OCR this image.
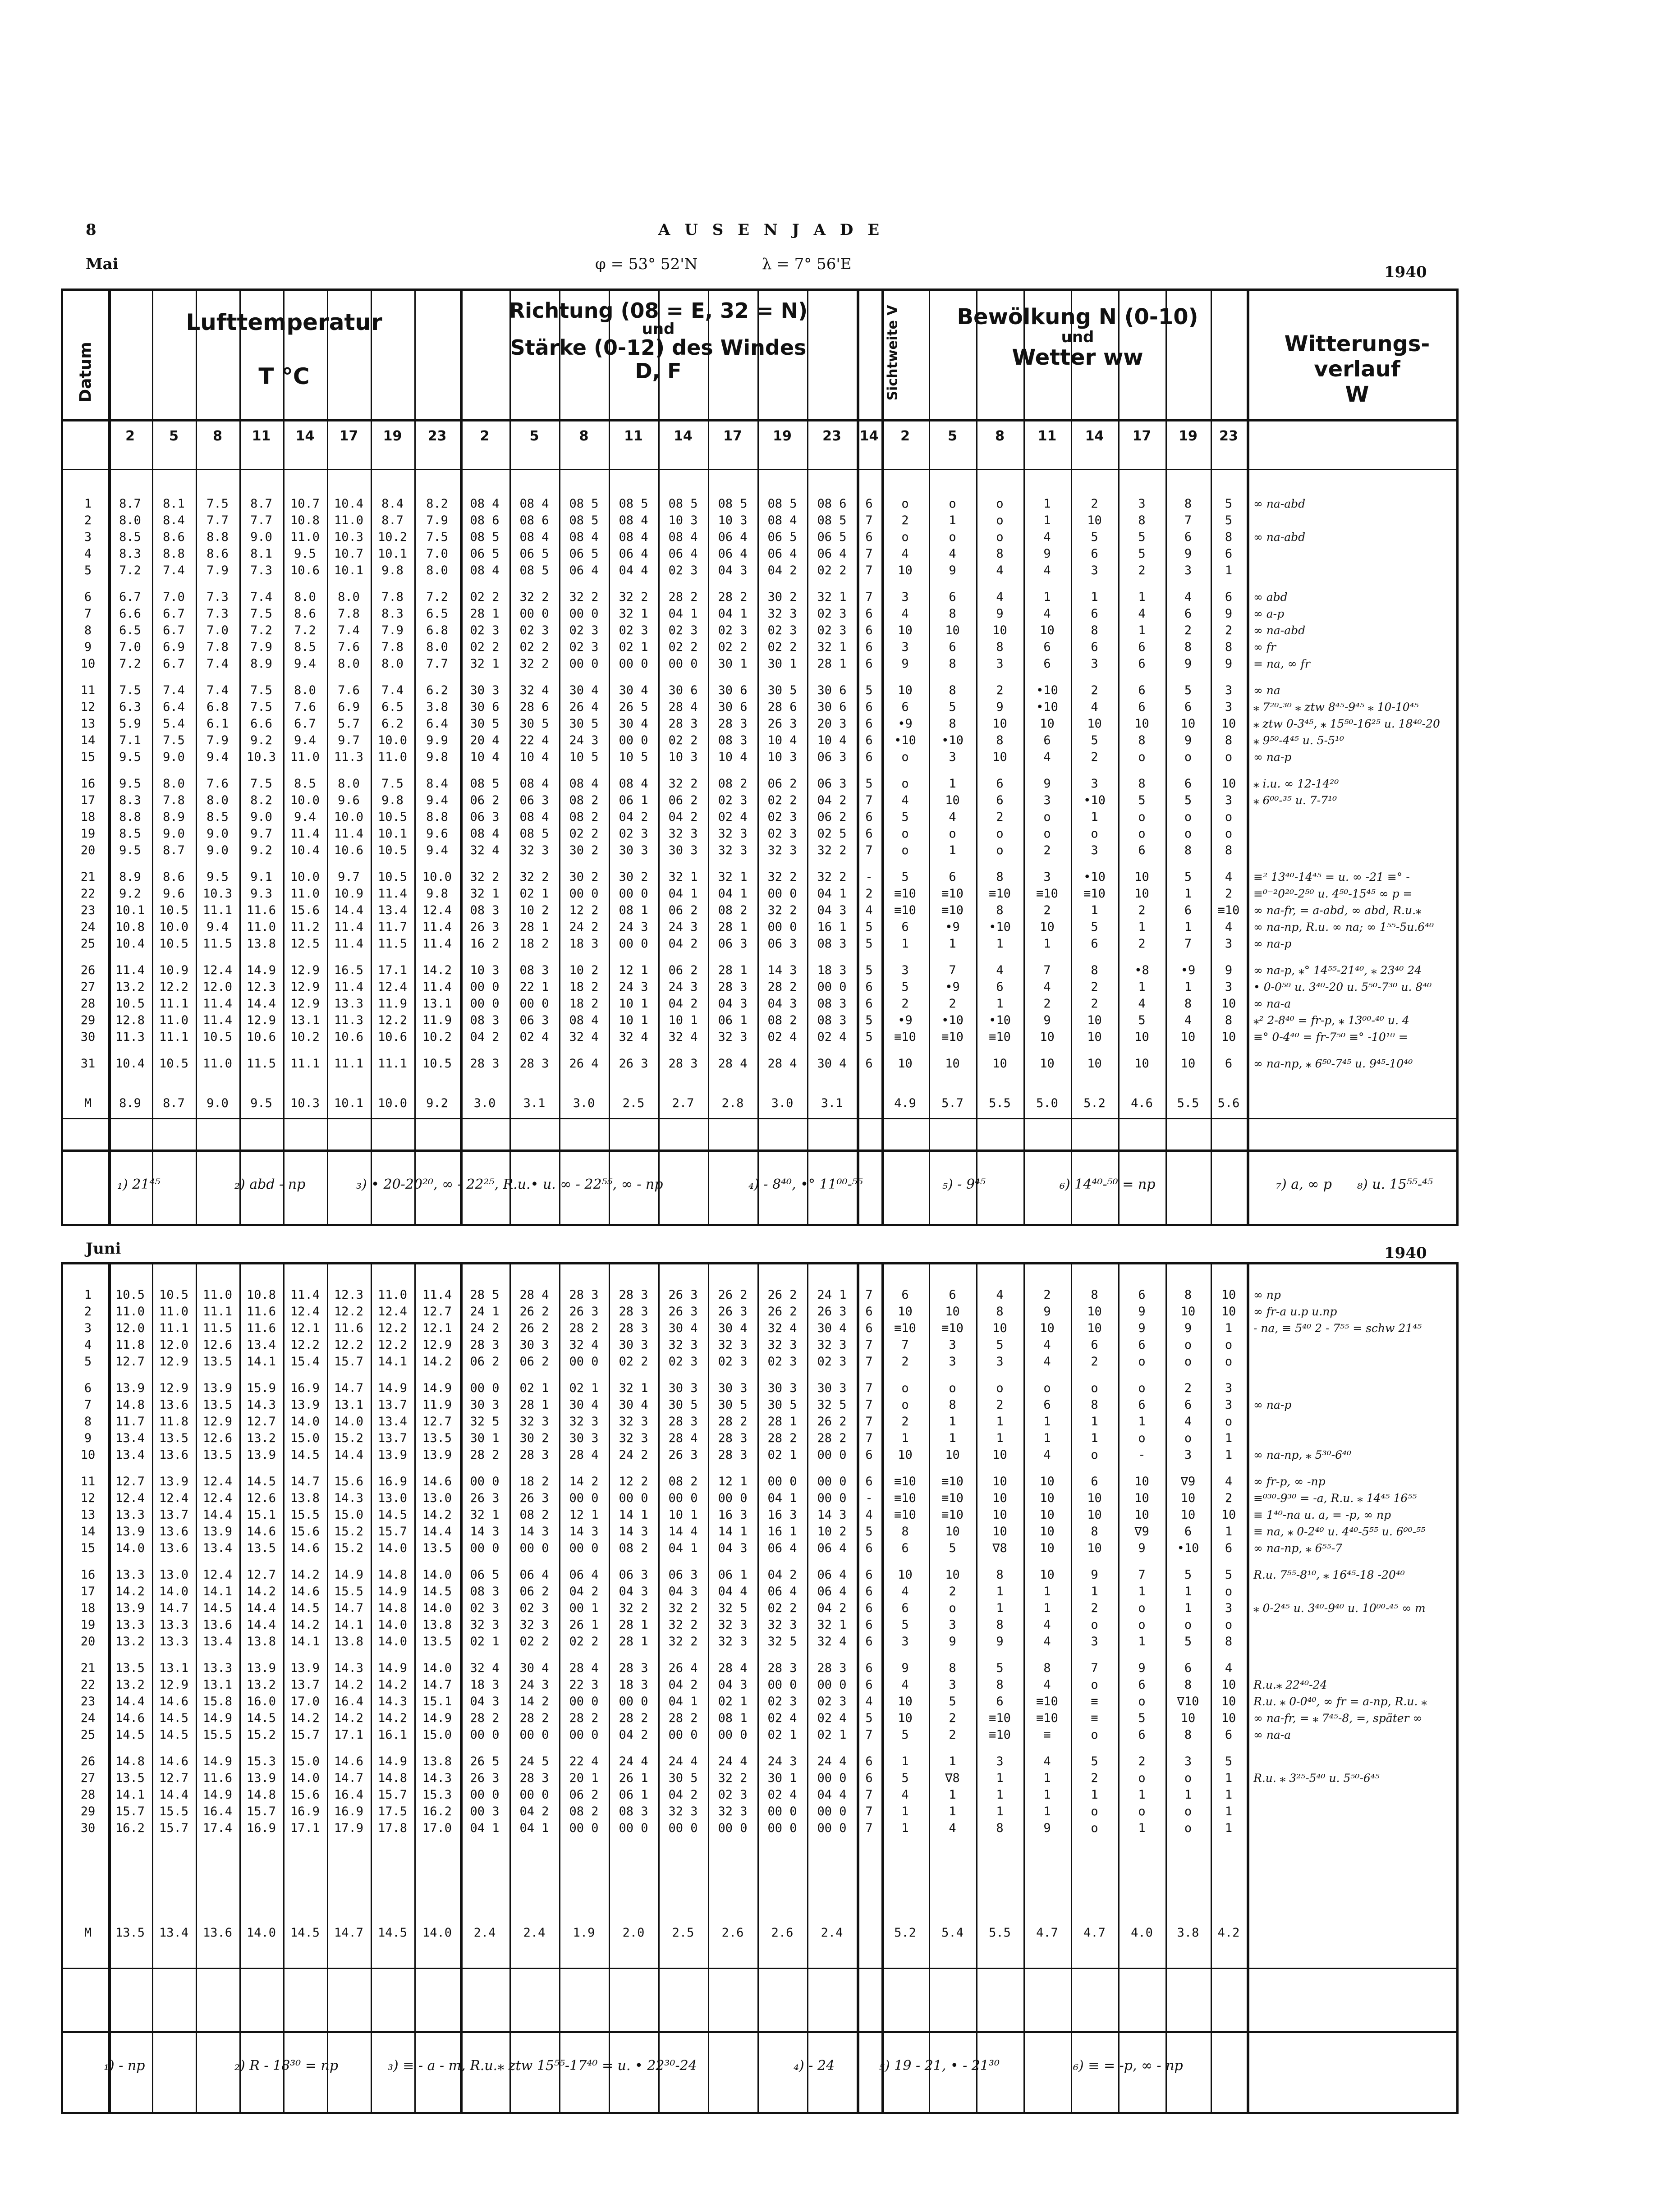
8	A U S E N J A D E
Mai	φ = 53° 52'N	λ = 7° 56'E	1940
Datum
Lufttemperatur
T °C
Richtung (08 = E, 32 = N)
und
Stärke (0-12) des Windes
D, F	Sichtweite V	Bewölkung N (0-10)
und
Wetter ww
Witterungs-
verlauf
W
2	5	8	11	14	17	19	23	2	5	8	11	14	17	19	23	14	2	5	8	11	14	17	19	23
1	8.7	8.1	7.5	8.7	10.7	10.4	8.4	8.2	08 4	08 4	08 5	08 5	08 5	08 5	08 5	08 6	6	o	o	o	1	2	3	8	5	∞ na-abd
2	8.0	8.4	7.7	7.7	10.8	11.0	8.7	7.9	08 6	08 6	08 5	08 4	10 3	10 3	08 4	08 5	7	2	1	o	1	10	8	7	5
3	8.5	8.6	8.8	9.0	11.0	10.3	10.2	7.5	08 5	08 4	08 4	08 4	08 4	06 4	06 5	06 5	6	o	o	o	4	5	5	6	8	∞ na-abd
4	8.3	8.8	8.6	8.1	9.5	10.7	10.1	7.0	06 5	06 5	06 5	06 4	06 4	06 4	06 4	06 4	7	4	4	8	9	6	5	9	6
5	7.2	7.4	7.9	7.3	10.6	10.1	9.8	8.0	08 4	08 5	06 4	04 4	02 3	04 3	04 2	02 2	7	10	9	4	4	3	2	3	1
6	6.7	7.0	7.3	7.4	8.0	8.0	7.8	7.2	02 2	32 2	32 2	32 2	28 2	28 2	30 2	32 1	7	3	6	4	1	1	1	4	6	∞ abd
7	6.6	6.7	7.3	7.5	8.6	7.8	8.3	6.5	28 1	00 0	00 0	32 1	04 1	04 1	32 3	02 3	6	4	8	9	4	6	4	6	9	∞ a-p
8	6.5	6.7	7.0	7.2	7.2	7.4	7.9	6.8	02 3	02 3	02 3	02 3	02 3	02 3	02 3	02 3	6	10	10	10	10	8	1	2	2	∞ na-abd
9	7.0	6.9	7.8	7.9	8.5	7.6	7.8	8.0	02 2	02 2	02 3	02 1	02 2	02 2	02 2	32 1	6	3	6	8	6	6	6	8	8	∞ fr
10	7.2	6.7	7.4	8.9	9.4	8.0	8.0	7.7	32 1	32 2	00 0	00 0	00 0	30 1	30 1	28 1	6	9	8	3	6	3	6	9	9	= na, ∞ fr
11	7.5	7.4	7.4	7.5	8.0	7.6	7.4	6.2	30 3	32 4	30 4	30 4	30 6	30 6	30 5	30 6	5	10	8	2	•10	2	6	5	3	∞ na
12	6.3	6.4	6.8	7.5	7.6	6.9	6.5	3.8	30 6	28 6	26 4	26 5	28 4	30 6	28 6	30 6	6	6	5	9	•10	4	6	6	3	⁎ 7²⁰-³⁰ ⁎ ztw 8⁴⁵-9⁴⁵ ⁎ 10-10⁴⁵
13	5.9	5.4	6.1	6.6	6.7	5.7	6.2	6.4	30 5	30 5	30 5	30 4	28 3	28 3	26 3	20 3	6	•9	8	10	10	10	10	10	10	⁎ ztw 0-3⁴⁵, ⁎ 15⁵⁰-16²⁵ u. 18⁴⁰-20
14	7.1	7.5	7.9	9.2	9.4	9.7	10.0	9.9	20 4	22 4	24 3	00 0	02 2	08 3	10 4	10 4	6	•10	•10	8	6	5	8	9	8	⁎ 9⁵⁰-4⁴⁵ u. 5-5¹⁰
15	9.5	9.0	9.4	10.3	11.0	11.3	11.0	9.8	10 4	10 4	10 5	10 5	10 3	10 4	10 3	06 3	6	o	3	10	4	2	o	o	o	∞ na-p
16	9.5	8.0	7.6	7.5	8.5	8.0	7.5	8.4	08 5	08 4	08 4	08 4	32 2	08 2	06 2	06 3	5	o	1	6	9	3	8	6	10	⁎ i.u. ∞ 12-14²⁰
17	8.3	7.8	8.0	8.2	10.0	9.6	9.8	9.4	06 2	06 3	08 2	06 1	06 2	02 3	02 2	04 2	7	4	10	6	3	•10	5	5	3	⁎ 6⁰⁰-³⁵ u. 7-7¹⁰
18	8.8	8.9	8.5	9.0	9.4	10.0	10.5	8.8	06 3	08 4	08 2	04 2	04 2	02 4	02 3	06 2	6	5	4	2	o	1	o	o	o
19	8.5	9.0	9.0	9.7	11.4	11.4	10.1	9.6	08 4	08 5	02 2	02 3	32 3	32 3	02 3	02 5	6	o	o	o	o	o	o	o	o
20	9.5	8.7	9.0	9.2	10.4	10.6	10.5	9.4	32 4	32 3	30 2	30 3	30 3	32 3	32 3	32 2	7	o	1	o	2	3	6	8	8
21	8.9	8.6	9.5	9.1	10.0	9.7	10.5	10.0	32 2	32 2	30 2	30 2	32 1	32 1	32 2	32 2	-	5	6	8	3	•10	10	5	4	≡² 13⁴⁰-14⁴⁵ = u. ∞ -21 ≡° -
22	9.2	9.6	10.3	9.3	11.0	10.9	11.4	9.8	32 1	02 1	00 0	00 0	04 1	04 1	00 0	04 1	2	≡10	≡10	≡10	≡10	≡10	10	1	2	≡⁰⁻²0²⁰-2⁵⁰ u. 4⁵⁰-15⁴⁵ ∞ p =
23	10.1	10.5	11.1	11.6	15.6	14.4	13.4	12.4	08 3	10 2	12 2	08 1	06 2	08 2	32 2	04 3	4	≡10	≡10	8	2	1	2	6	≡10	∞ na-fr, = a-abd, ∞ abd, R.u.⁎
24	10.8	10.0	9.4	11.0	11.2	11.4	11.7	11.4	26 3	28 1	24 2	24 3	24 3	28 1	00 0	16 1	5	6	•9	•10	10	5	1	1	4	∞ na-np, R.u. ∞ na; ∞ 1⁵⁵-5u.6⁴⁰
25	10.4	10.5	11.5	13.8	12.5	11.4	11.5	11.4	16 2	18 2	18 3	00 0	04 2	06 3	06 3	08 3	5	1	1	1	1	6	2	7	3	∞ na-p
26	11.4	10.9	12.4	14.9	12.9	16.5	17.1	14.2	10 3	08 3	10 2	12 1	06 2	28 1	14 3	18 3	5	3	7	4	7	8	•8	•9	9	∞ na-p, ⁎° 14⁵⁵-21⁴⁰, ⁎ 23⁴⁰ 24
27	13.2	12.2	12.0	12.3	12.9	11.4	12.4	11.4	00 0	22 1	18 2	24 3	24 3	28 3	28 2	00 0	6	5	•9	6	4	2	1	1	3	• 0-0⁵⁰ u. 3⁴⁰-20 u. 5⁵⁰-7³⁰ u. 8⁴⁰
28	10.5	11.1	11.4	14.4	12.9	13.3	11.9	13.1	00 0	00 0	18 2	10 1	04 2	04 3	04 3	08 3	6	2	2	1	2	2	4	8	10	∞ na-a
29	12.8	11.0	11.4	12.9	13.1	11.3	12.2	11.9	08 3	06 3	08 4	10 1	10 1	06 1	08 2	08 3	5	•9	•10	•10	9	10	5	4	8	⁎² 2-8⁴⁰ = fr-p, ⁎ 13⁰⁰-⁴⁰ u. 4
30	11.3	11.1	10.5	10.6	10.2	10.6	10.6	10.2	04 2	02 4	32 4	32 4	32 4	32 3	02 4	02 4	5	≡10	≡10	≡10	10	10	10	10	10	≡° 0-4⁴⁰ = fr-7⁵⁰ ≡° -10¹⁰ =
31	10.4	10.5	11.0	11.5	11.1	11.1	11.1	10.5	28 3	28 3	26 4	26 3	28 3	28 4	28 4	30 4	6	10	10	10	10	10	10	10	6	∞ na-np, ⁎ 6⁵⁰-7⁴⁵ u. 9⁴⁵-10⁴⁰
M	8.9	8.7	9.0	9.5	10.3	10.1	10.0	9.2	3.0	3.1	3.0	2.5	2.7	2.8	3.0	3.1	4.9	5.7	5.5	5.0	5.2	4.6	5.5	5.6
₁) 21⁴⁵	₂) abd - np	₃) • 20-20²⁰, ∞ - 22²⁵, R.u.• u. ∞ - 22⁵⁵, ∞ - np	₄) - 8⁴⁰, •° 11⁰⁰-⁵⁵	₅) - 9⁴⁵	₆) 14⁴⁰-⁵⁰ = np	₇) a, ∞ p ₈) u. 15⁵⁵-⁴⁵
Juni	1940
1	10.5	10.5	11.0	10.8	11.4	12.3	11.0	11.4	28 5	28 4	28 3	28 3	26 3	26 2	26 2	24 1	7	6	6	4	2	8	6	8	10	∞ np
2	11.0	11.0	11.1	11.6	12.4	12.2	12.4	12.7	24 1	26 2	26 3	28 3	26 3	26 3	26 2	26 3	6	10	10	8	9	10	9	10	10	∞ fr-a u.p u.np
3	12.0	11.1	11.5	11.6	12.1	11.6	12.2	12.1	24 2	26 2	28 2	28 3	30 4	30 4	32 4	30 4	6	≡10	≡10	10	10	10	9	9	1	- na, ≡ 5⁴⁰ 2 - 7⁵⁵ = schw 21⁴⁵
4	11.8	12.0	12.6	13.4	12.2	12.2	12.2	12.9	28 3	30 3	32 4	30 3	32 3	32 3	32 3	32 3	7	7	3	5	4	6	6	o	o
5	12.7	12.9	13.5	14.1	15.4	15.7	14.1	14.2	06 2	06 2	00 0	02 2	02 3	02 3	02 3	02 3	7	2	3	3	4	2	o	o	o
6	13.9	12.9	13.9	15.9	16.9	14.7	14.9	14.9	00 0	02 1	02 1	32 1	30 3	30 3	30 3	30 3	7	o	o	o	o	o	o	2	3
7	14.8	13.6	13.5	14.3	13.9	13.1	13.7	11.9	30 3	28 1	30 4	30 4	30 5	30 5	30 5	32 5	7	o	8	2	6	8	6	6	3	∞ na-p
8	11.7	11.8	12.9	12.7	14.0	14.0	13.4	12.7	32 5	32 3	32 3	32 3	28 3	28 2	28 1	26 2	7	2	1	1	1	1	1	4	o
9	13.4	13.5	12.6	13.2	15.0	15.2	13.7	13.5	30 1	30 2	30 3	32 3	28 4	28 3	28 2	28 2	7	1	1	1	1	1	o	o	1
10	13.4	13.6	13.5	13.9	14.5	14.4	13.9	13.9	28 2	28 3	28 4	24 2	26 3	28 3	02 1	00 0	6	10	10	10	4	o	-	3	1	∞ na-np, ⁎ 5³⁰-6⁴⁰
11	12.7	13.9	12.4	14.5	14.7	15.6	16.9	14.6	00 0	18 2	14 2	12 2	08 2	12 1	00 0	00 0	6	≡10	≡10	10	10	6	10	∇9	4	∞ fr-p, ∞ -np
12	12.4	12.4	12.4	12.6	13.8	14.3	13.0	13.0	26 3	26 3	00 0	00 0	00 0	00 0	04 1	00 0	-	≡10	≡10	10	10	10	10	10	2	≡⁰³⁰-9³⁰ = -a, R.u. ⁎ 14⁴⁵ 16⁵⁵
13	13.3	13.7	14.4	15.1	15.5	15.0	14.5	14.2	32 1	08 2	12 1	14 1	10 1	16 3	16 3	14 3	4	≡10	≡10	10	10	10	10	10	10	≡ 1⁴⁰-na u. a, = -p, ∞ np
14	13.9	13.6	13.9	14.6	15.6	15.2	15.7	14.4	14 3	14 3	14 3	14 3	14 4	14 1	16 1	10 2	5	8	10	10	10	8	∇9	6	1	≡ na, ⁎ 0-2⁴⁰ u. 4⁴⁰-5⁵⁵ u. 6⁰⁰-⁵⁵
15	14.0	13.6	13.4	13.5	14.6	15.2	14.0	13.5	00 0	00 0	00 0	08 2	04 1	04 3	06 4	06 4	6	6	5	∇8	10	10	9	•10	6	∞ na-np, ⁎ 6⁵⁵-7
16	13.3	13.0	12.4	12.7	14.2	14.9	14.8	14.0	06 5	06 4	06 4	06 3	06 3	06 1	04 2	06 4	6	10	10	8	10	9	7	5	5	R.u. 7⁵⁵-8¹⁰, ⁎ 16⁴⁵-18 -20⁴⁰
17	14.2	14.0	14.1	14.2	14.6	15.5	14.9	14.5	08 3	06 2	04 2	04 3	04 3	04 4	06 4	06 4	6	4	2	1	1	1	1	1	o
18	13.9	14.7	14.5	14.4	14.5	14.7	14.8	14.0	02 3	02 3	00 1	32 2	32 2	32 5	02 2	04 2	6	6	o	1	1	2	o	1	3	⁎ 0-2⁴⁵ u. 3⁴⁰-9⁴⁰ u. 10⁰⁰-⁴⁵ ∞ m
19	13.3	13.3	13.6	14.4	14.2	14.1	14.0	13.8	32 3	32 3	26 1	28 1	32 2	32 3	32 3	32 1	6	5	3	8	4	o	o	o	o
20	13.2	13.3	13.4	13.8	14.1	13.8	14.0	13.5	02 1	02 2	02 2	28 1	32 2	32 3	32 5	32 4	6	3	9	9	4	3	1	5	8
21	13.5	13.1	13.3	13.9	13.9	14.3	14.9	14.0	32 4	30 4	28 4	28 3	26 4	28 4	28 3	28 3	6	9	8	5	8	7	9	6	4
22	13.2	12.9	13.1	13.2	13.7	14.2	14.2	14.7	18 3	24 3	22 3	18 3	04 2	04 3	00 0	00 0	6	4	3	8	4	o	6	8	10	R.u.⁎ 22⁴⁰-24
23	14.4	14.6	15.8	16.0	17.0	16.4	14.3	15.1	04 3	14 2	00 0	00 0	04 1	02 1	02 3	02 3	4	10	5	6	≡10	≡	o	∇10	10	R.u. ⁎ 0-0⁴⁰, ∞ fr = a-np, R.u. ⁎
24	14.6	14.5	14.9	14.5	14.2	14.2	14.2	14.9	28 2	28 2	28 2	28 2	28 2	08 1	02 4	02 4	5	10	2	≡10	≡10	≡	5	10	10	∞ na-fr, = ⁎ 7⁴⁵-8, =, später ∞
25	14.5	14.5	15.5	15.2	15.7	17.1	16.1	15.0	00 0	00 0	00 0	04 2	00 0	00 0	02 1	02 1	7	5	2	≡10	≡	o	6	8	6	∞ na-a
26	14.8	14.6	14.9	15.3	15.0	14.6	14.9	13.8	26 5	24 5	22 4	24 4	24 4	24 4	24 3	24 4	6	1	1	3	4	5	2	3	5
27	13.5	12.7	11.6	13.9	14.0	14.7	14.8	14.3	26 3	28 3	20 1	26 1	30 5	32 2	30 1	00 0	6	5	∇8	1	1	2	o	o	1	R.u. ⁎ 3²⁵-5⁴⁰ u. 5⁵⁰-6⁴⁵
28	14.1	14.4	14.9	14.8	15.6	16.4	15.7	15.3	00 0	00 0	06 2	06 1	04 2	02 3	02 4	04 4	7	4	1	1	1	1	1	1	1
29	15.7	15.5	16.4	15.7	16.9	16.9	17.5	16.2	00 3	04 2	08 2	08 3	32 3	32 3	00 0	00 0	7	1	1	1	1	o	o	o	1
30	16.2	15.7	17.4	16.9	17.1	17.9	17.8	17.0	04 1	04 1	00 0	00 0	00 0	00 0	00 0	00 0	7	1	4	8	9	o	1	o	1
M	13.5	13.4	13.6	14.0	14.5	14.7	14.5	14.0	2.4	2.4	1.9	2.0	2.5	2.6	2.6	2.4	5.2	5.4	5.5	4.7	4.7	4.0	3.8	4.2
₁) - np	₂) R - 18³⁰ = np	₃) ≡ - a - m, R.u.⁎ ztw 15⁵⁵-17⁴⁰ = u. • 22³⁰-24	₄) - 24	₅) 19 - 21, • - 21³⁰	₆) ≡ = -p, ∞ - np
